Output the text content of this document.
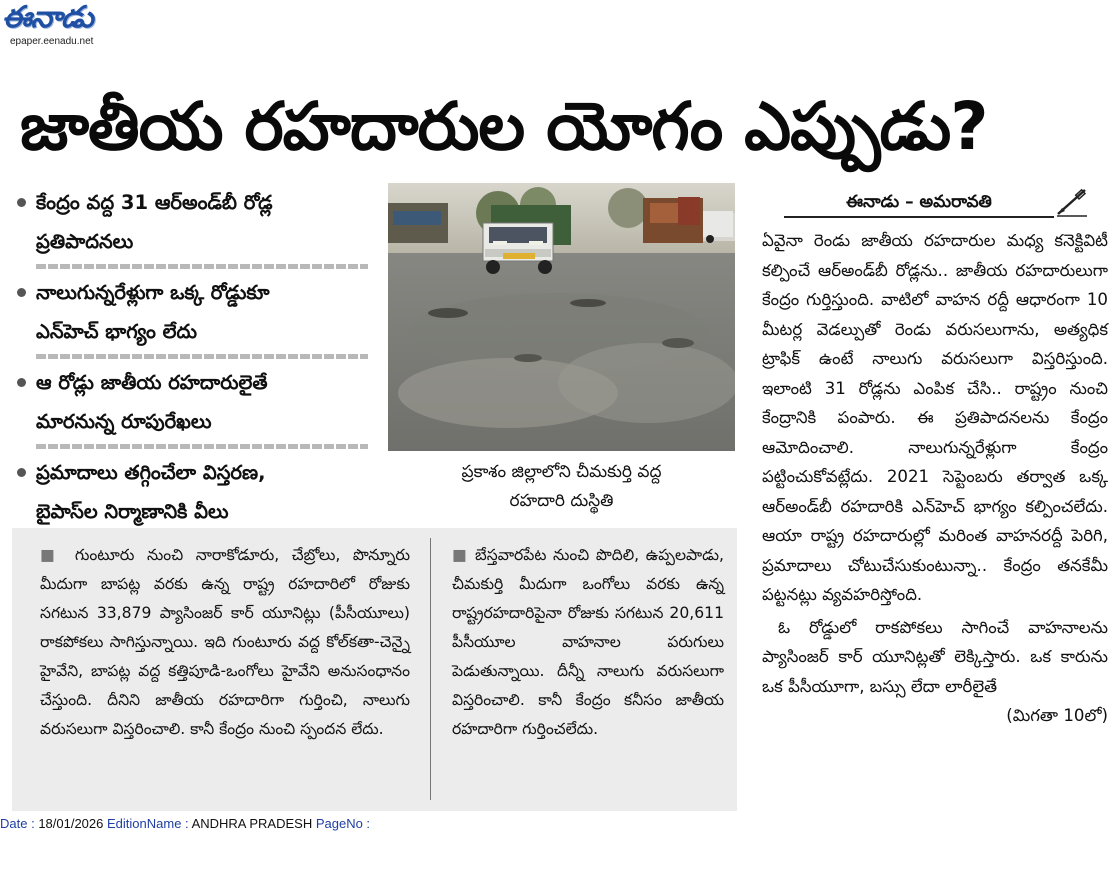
ఈనాడు
epaper.eenadu.net
జాతీయ రహదారుల యోగం ఎప్పుడు?
కేంద్రం వద్ద 31 ఆర్‌అండ్‌బీ రోడ్ల
ప్రతిపాదనలు
నాలుగున్నరేళ్లుగా ఒక్క రోడ్డుకూ
ఎన్‌హెచ్ భాగ్యం లేదు
ఆ రోడ్లు జాతీయ రహదారులైతే
మారనున్న రూపురేఖలు
ప్రమాదాలు తగ్గించేలా విస్తరణ,
బైపాస్‌ల నిర్మాణానికి వీలు
ప్రకాశం జిల్లాలోని చీమకుర్తి వద్ద
రహదారి దుస్థితి
ఈనాడు – అమరావతి

ఏవైనా రెండు జాతీయ రహదారుల మధ్య కనెక్టివిటీ కల్పించే ఆర్‌అండ్‌బీ రోడ్లను.. జాతీయ రహదారులుగా కేంద్రం గుర్తిస్తుంది. వాటిలో వాహన రద్దీ ఆధారంగా 10 మీటర్ల వెడల్పుతో రెండు వరుసలుగాను, అత్యధిక ట్రాఫిక్ ఉంటే నాలుగు వరుసలుగా విస్తరిస్తుంది. ఇలాంటి 31 రోడ్లను ఎంపిక చేసి.. రాష్ట్రం నుంచి కేంద్రానికి పంపారు. ఈ ప్రతిపాదనలను కేంద్రం ఆమోదించాలి. నాలుగున్నరేళ్లుగా కేంద్రం పట్టించుకోవట్లేదు. 2021 సెప్టెంబరు తర్వాత ఒక్క ఆర్‌అండ్‌బీ రహదారికి ఎన్‌హెచ్ భాగ్యం కల్పించలేదు. ఆయా రాష్ట్ర రహదారుల్లో మరింత వాహనరద్దీ పెరిగి, ప్రమాదాలు చోటుచేసుకుంటున్నా.. కేంద్రం తనకేమీ పట్టనట్లు వ్యవహరిస్తోంది.

ఓ రోడ్డులో రాకపోకలు సాగించే వాహనాలను ప్యాసింజర్ కార్ యూనిట్లతో లెక్కిస్తారు. ఒక కారును ఒక పీసీయూగా, బస్సు లేదా లారీలైతే

(మిగతా 10లో)

■ గుంటూరు నుంచి నారాకోడూరు, చేబ్రోలు, పొన్నూరు మీదుగా బాపట్ల వరకు ఉన్న రాష్ట్ర రహదారిలో రోజుకు సగటున 33,879 ప్యాసింజర్ కార్ యూనిట్లు (పీసీయూలు) రాకపోకలు సాగిస్తున్నాయి. ఇది గుంటూరు వద్ద కోల్‌కతా-చెన్నై హైవేని, బాపట్ల వద్ద కత్తిపూడి-ఒంగోలు హైవేని అనుసంధానం చేస్తుంది. దీనిని జాతీయ రహదారిగా గుర్తించి, నాలుగు వరుసలుగా విస్తరించాలి. కానీ కేంద్రం నుంచి స్పందన లేదు.
■ బేస్తవారపేట నుంచి పొదిలి, ఉప్పలపాడు, చీమకుర్తి మీదుగా ఒంగోలు వరకు ఉన్న రాష్ట్రరహదారిపైనా రోజుకు సగటున 20,611 పీసీయూల వాహనాల పరుగులు పెడుతున్నాయి. దీన్నీ నాలుగు వరుసలుగా విస్తరించాలి. కానీ కేంద్రం కనీసం జాతీయ రహదారిగా గుర్తించలేదు.
Date : 18/01/2026 EditionName : ANDHRA PRADESH PageNo :
